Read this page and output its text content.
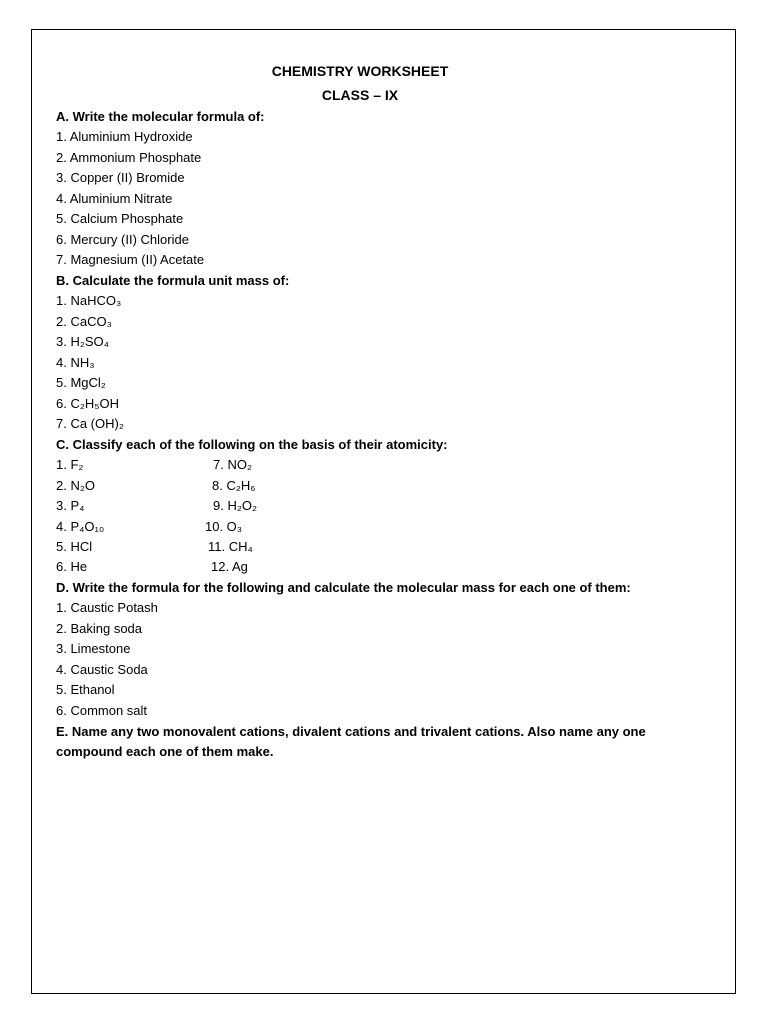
CHEMISTRY WORKSHEET
CLASS – IX
A. Write the molecular formula of:
1. Aluminium Hydroxide
2. Ammonium Phosphate
3. Copper (II) Bromide
4. Aluminium Nitrate
5. Calcium Phosphate
6. Mercury (II) Chloride
7. Magnesium (II) Acetate
B. Calculate the formula unit mass of:
1. NaHCO₃
2. CaCO₃
3. H₂SO₄
4. NH₃
5. MgCl₂
6. C₂H₅OH
7. Ca (OH)₂
C. Classify each of the following on the basis of their atomicity:
1. F₂
2. N₂O
3. P₄
4. P₄O₁₀
5. HCl
6. He
7. NO₂
8. C₂H₆
9. H₂O₂
10. O₃
11. CH₄
12. Ag
D. Write the formula for the following and calculate the molecular mass for each one of them:
1. Caustic Potash
2. Baking soda
3. Limestone
4. Caustic Soda
5. Ethanol
6. Common salt
E. Name any two monovalent cations, divalent cations and trivalent cations. Also name any one
compound each one of them make.
